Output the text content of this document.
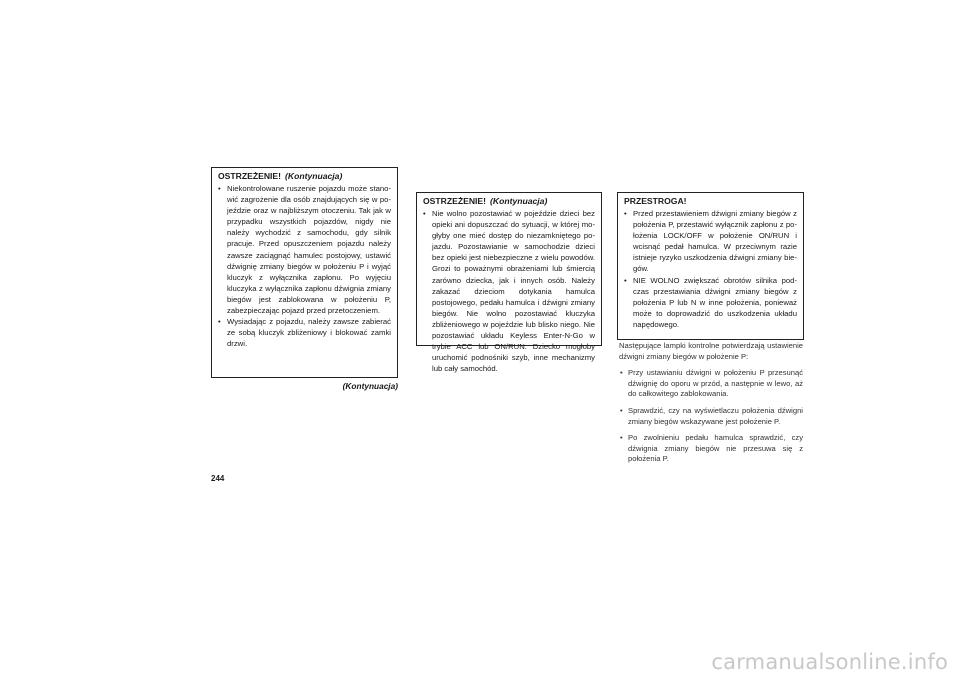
OSTRZEŻENIE! (Kontynuacja)
• Niekontrolowane ruszenie pojazdu może stanowić zagrożenie dla osób znajdujących się w pojeździe oraz w najbliższym otoczeniu. Tak jak w przypadku wszystkich pojazdów, nigdy nie należy wychodzić z samochodu, gdy silnik pracuje. Przed opuszczeniem pojazdu należy zawsze zaciągnąć hamulec postojowy, ustawić dźwignię zmiany biegów w położeniu P i wyjąć kluczyk z wyłącznika zapłonu. Po wyjęciu kluczyka z wyłącznika zapłonu dźwignia zmiany biegów jest zablokowana w położeniu P, zabezpieczając pojazd przed przetoczeniem.
• Wysiadając z pojazdu, należy zawsze zabierać ze sobą kluczyk zbliżeniowy i blokować zamki drzwi.
(Kontynuacja)
OSTRZEŻENIE! (Kontynuacja)
• Nie wolno pozostawiać w pojeździe dzieci bez opieki ani dopuszczać do sytuacji, w której mogłyby one mieć dostęp do niezamkniętego pojazdu. Pozostawianie w samochodzie dzieci bez opieki jest niebezpieczne z wielu powodów. Grozi to poważnymi obrażeniami lub śmiercią zarówno dziecka, jak i innych osób. Należy zakazać dzieciom dotykania hamulca postojowego, pedału hamulca i dźwigni zmiany biegów. Nie wolno pozostawiać kluczyka zbliżeniowego w pojeździe lub blisko niego. Nie pozostawiać układu Keyless Enter-N-Go w trybie ACC lub ON/RUN. Dziecko mogłoby uruchomić podnośniki szyb, inne mechanizmy lub cały samochód.
PRZESTROGA!
• Przed przestawieniem dźwigni zmiany biegów z położenia P, przestawić wyłącznik zapłonu z położenia LOCK/OFF w położenie ON/RUN i wcisnąć pedał hamulca. W przeciwnym razie istnieje ryzyko uszkodzenia dźwigni zmiany biegów.
• NIE WOLNO zwiększać obrotów silnika podczas przestawiania dźwigni zmiany biegów z położenia P lub N w inne położenia, ponieważ może to doprowadzić do uszkodzenia układu napędowego.

Następujące lampki kontrolne potwierdzają ustawienie dźwigni zmiany biegów w położenie P:

• Przy ustawianiu dźwigni w położeniu P przesunąć dźwignię do oporu w przód, a następnie w lewo, aż do całkowitego zablokowania.
• Sprawdzić, czy na wyświetlaczu położenia dźwigni zmiany biegów wskazywane jest położenie P.
• Po zwolnieniu pedału hamulca sprawdzić, czy dźwignia zmiany biegów nie przesuwa się z położenia P.
244
carmanualsonline.info
